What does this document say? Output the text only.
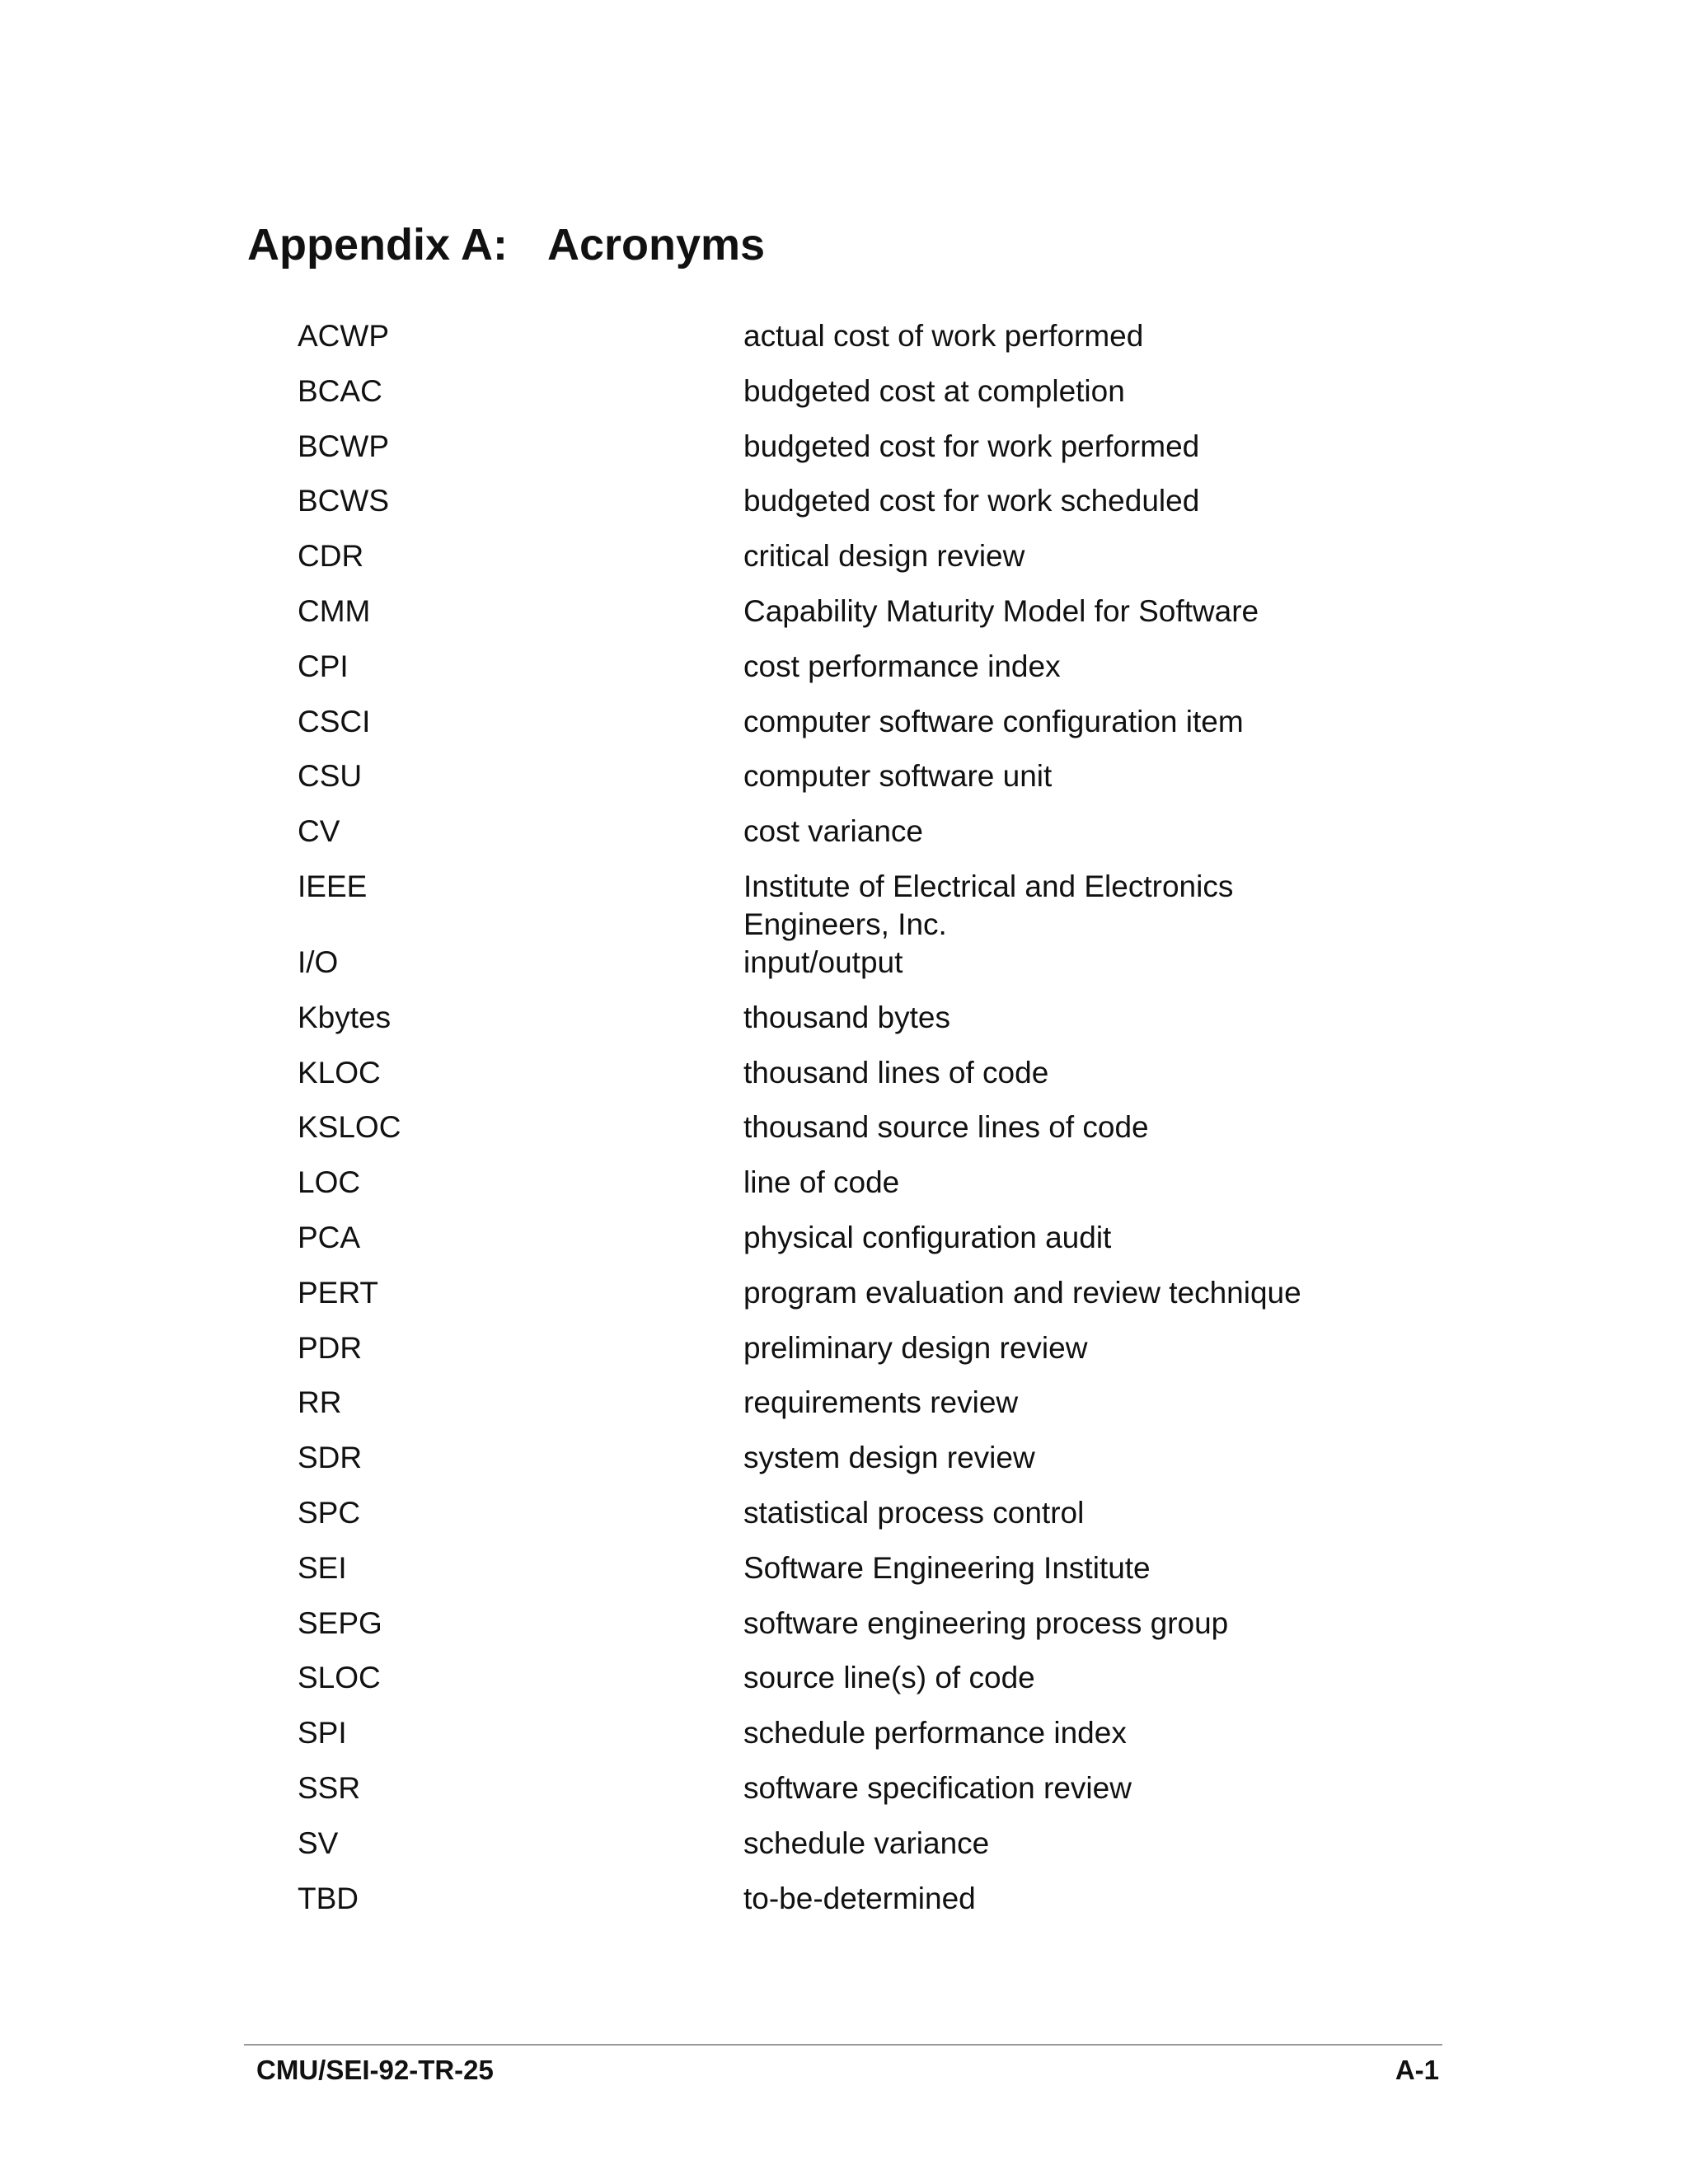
Appendix A: Acronyms
ACWP	actual cost of work performed
BCAC	budgeted cost at completion
BCWP	budgeted cost for work performed
BCWS	budgeted cost for work scheduled
CDR	critical design review
CMM	Capability Maturity Model for Software
CPI	cost performance index
CSCI	computer software configuration item
CSU	computer software unit
CV	cost variance
IEEE	Institute of Electrical and Electronics Engineers, Inc.
I/O	input/output
Kbytes	thousand bytes
KLOC	thousand lines of code
KSLOC	thousand source lines of code
LOC	line of code
PCA	physical configuration audit
PERT	program evaluation and review technique
PDR	preliminary design review
RR	requirements review
SDR	system design review
SPC	statistical process control
SEI	Software Engineering Institute
SEPG	software engineering process group
SLOC	source line(s) of code
SPI	schedule performance index
SSR	software specification review
SV	schedule variance
TBD	to-be-determined
CMU/SEI-92-TR-25	A-1
